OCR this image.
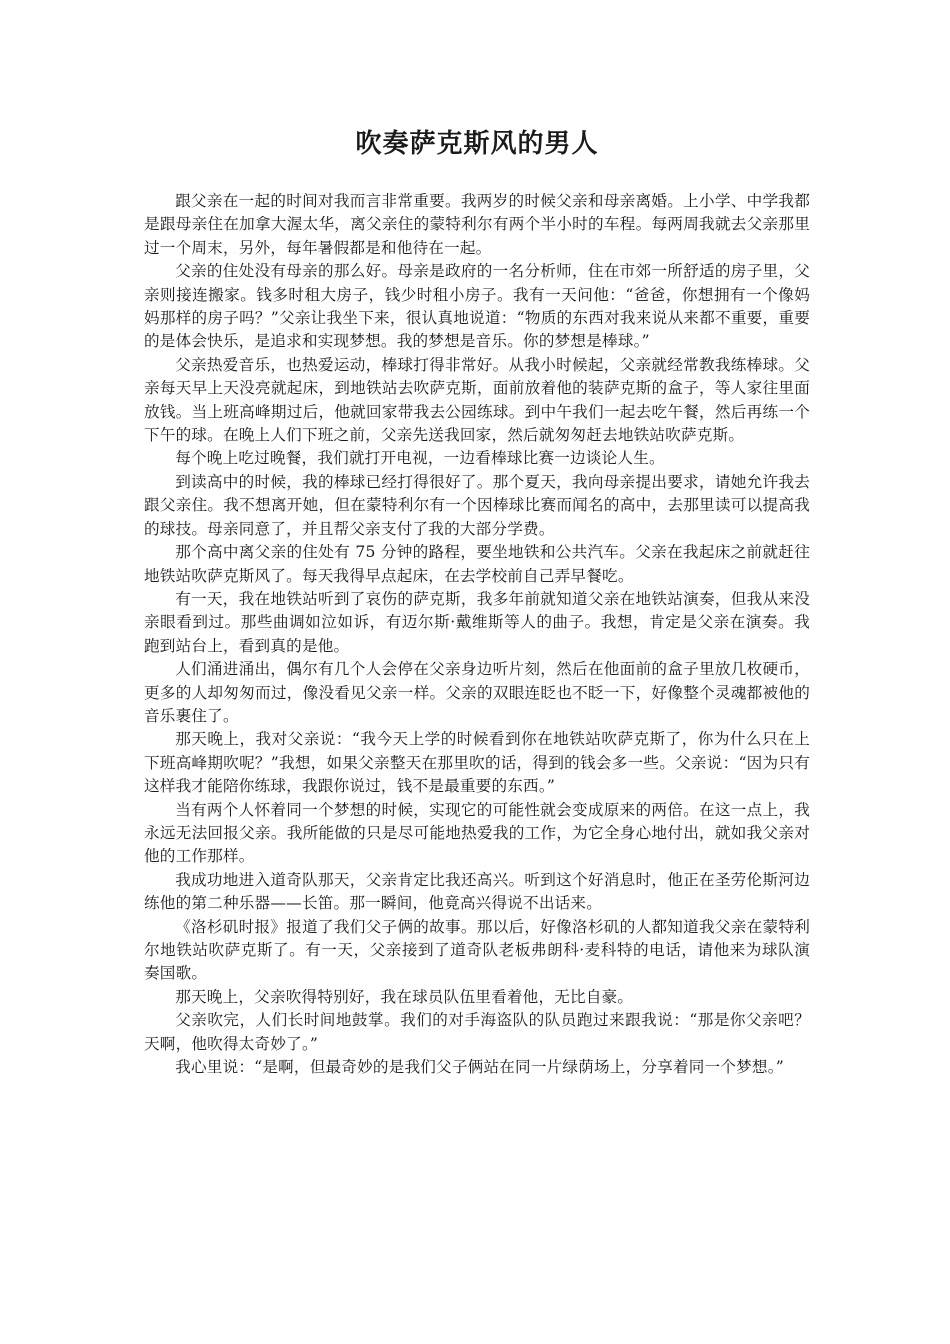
吹奏萨克斯风的男人

跟父亲在一起的时间对我而言非常重要。我两岁的时候父亲和母亲离婚。上小学、中学我都是跟母亲住在加拿大渥太华，离父亲住的蒙特利尔有两个半小时的车程。每两周我就去父亲那里过一个周末，另外，每年暑假都是和他待在一起。

父亲的住处没有母亲的那么好。母亲是政府的一名分析师，住在市郊一所舒适的房子里，父亲则接连搬家。钱多时租大房子，钱少时租小房子。我有一天问他：“爸爸，你想拥有一个像妈妈那样的房子吗？”父亲让我坐下来，很认真地说道：“物质的东西对我来说从来都不重要，重要的是体会快乐，是追求和实现梦想。我的梦想是音乐。你的梦想是棒球。”

父亲热爱音乐，也热爱运动，棒球打得非常好。从我小时候起，父亲就经常教我练棒球。父亲每天早上天没亮就起床，到地铁站去吹萨克斯，面前放着他的装萨克斯的盒子，等人家往里面放钱。当上班高峰期过后，他就回家带我去公园练球。到中午我们一起去吃午餐，然后再练一个下午的球。在晚上人们下班之前，父亲先送我回家，然后就匆匆赶去地铁站吹萨克斯。

每个晚上吃过晚餐，我们就打开电视，一边看棒球比赛一边谈论人生。

到读高中的时候，我的棒球已经打得很好了。那个夏天，我向母亲提出要求，请她允许我去跟父亲住。我不想离开她，但在蒙特利尔有一个因棒球比赛而闻名的高中，去那里读可以提高我的球技。母亲同意了，并且帮父亲支付了我的大部分学费。

那个高中离父亲的住处有 75 分钟的路程，要坐地铁和公共汽车。父亲在我起床之前就赶往地铁站吹萨克斯风了。每天我得早点起床，在去学校前自己弄早餐吃。

有一天，我在地铁站听到了哀伤的萨克斯，我多年前就知道父亲在地铁站演奏，但我从来没亲眼看到过。那些曲调如泣如诉，有迈尔斯·戴维斯等人的曲子。我想，肯定是父亲在演奏。我跑到站台上，看到真的是他。

人们涌进涌出，偶尔有几个人会停在父亲身边听片刻，然后在他面前的盒子里放几枚硬币，更多的人却匆匆而过，像没看见父亲一样。父亲的双眼连眨也不眨一下，好像整个灵魂都被他的音乐裹住了。

那天晚上，我对父亲说：“我今天上学的时候看到你在地铁站吹萨克斯了，你为什么只在上下班高峰期吹呢？”我想，如果父亲整天在那里吹的话，得到的钱会多一些。父亲说：“因为只有这样我才能陪你练球，我跟你说过，钱不是最重要的东西。”

当有两个人怀着同一个梦想的时候，实现它的可能性就会变成原来的两倍。在这一点上，我永远无法回报父亲。我所能做的只是尽可能地热爱我的工作，为它全身心地付出，就如我父亲对他的工作那样。

我成功地进入道奇队那天，父亲肯定比我还高兴。听到这个好消息时，他正在圣劳伦斯河边练他的第二种乐器——长笛。那一瞬间，他竟高兴得说不出话来。

《洛杉矶时报》报道了我们父子俩的故事。那以后，好像洛杉矶的人都知道我父亲在蒙特利尔地铁站吹萨克斯了。有一天，父亲接到了道奇队老板弗朗科·麦科特的电话，请他来为球队演奏国歌。

那天晚上，父亲吹得特别好，我在球员队伍里看着他，无比自豪。

父亲吹完，人们长时间地鼓掌。我们的对手海盗队的队员跑过来跟我说：“那是你父亲吧？天啊，他吹得太奇妙了。”

我心里说：“是啊，但最奇妙的是我们父子俩站在同一片绿荫场上，分享着同一个梦想。”
